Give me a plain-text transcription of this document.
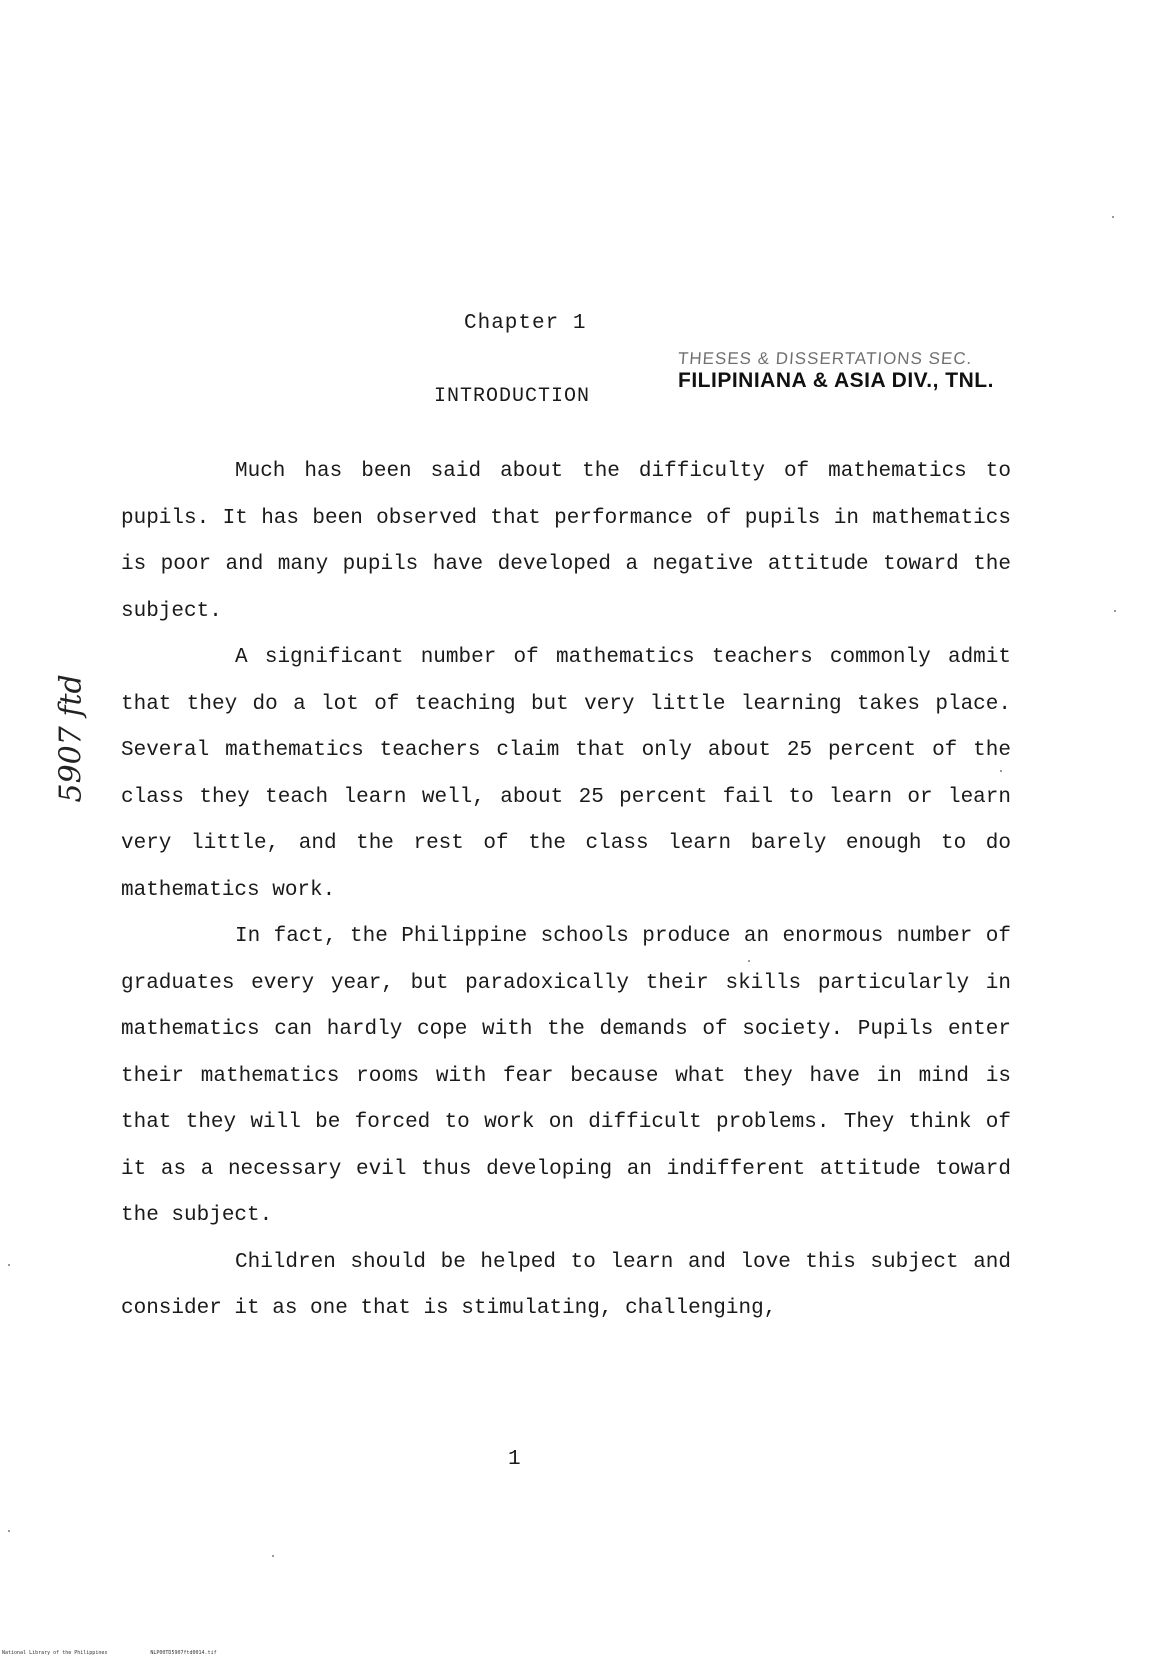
5907 ftd
Chapter 1
THESES & DISSERTATIONS SEC.
FILIPINIANA & ASIA DIV., TNL.
INTRODUCTION

Much has been said about the difficulty of mathematics to pupils. It has been observed that performance of pupils in mathematics is poor and many pupils have developed a negative attitude toward the subject.

A significant number of mathematics teachers commonly admit that they do a lot of teaching but very little learning takes place. Several mathematics teachers claim that only about 25 percent of the class they teach learn well, about 25 percent fail to learn or learn very little, and the rest of the class learn barely enough to do mathematics work.

In fact, the Philippine schools produce an enormous number of graduates every year, but paradoxically their skills particularly in mathematics can hardly cope with the demands of society. Pupils enter their mathematics rooms with fear because what they have in mind is that they will be forced to work on difficult problems. They think of it as a necessary evil thus developing an indifferent attitude toward the subject.

Children should be helped to learn and love this subject and consider it as one that is stimulating, challenging,

1
National Library of the Philippines	NLP00TD5907ftd0014.tif
